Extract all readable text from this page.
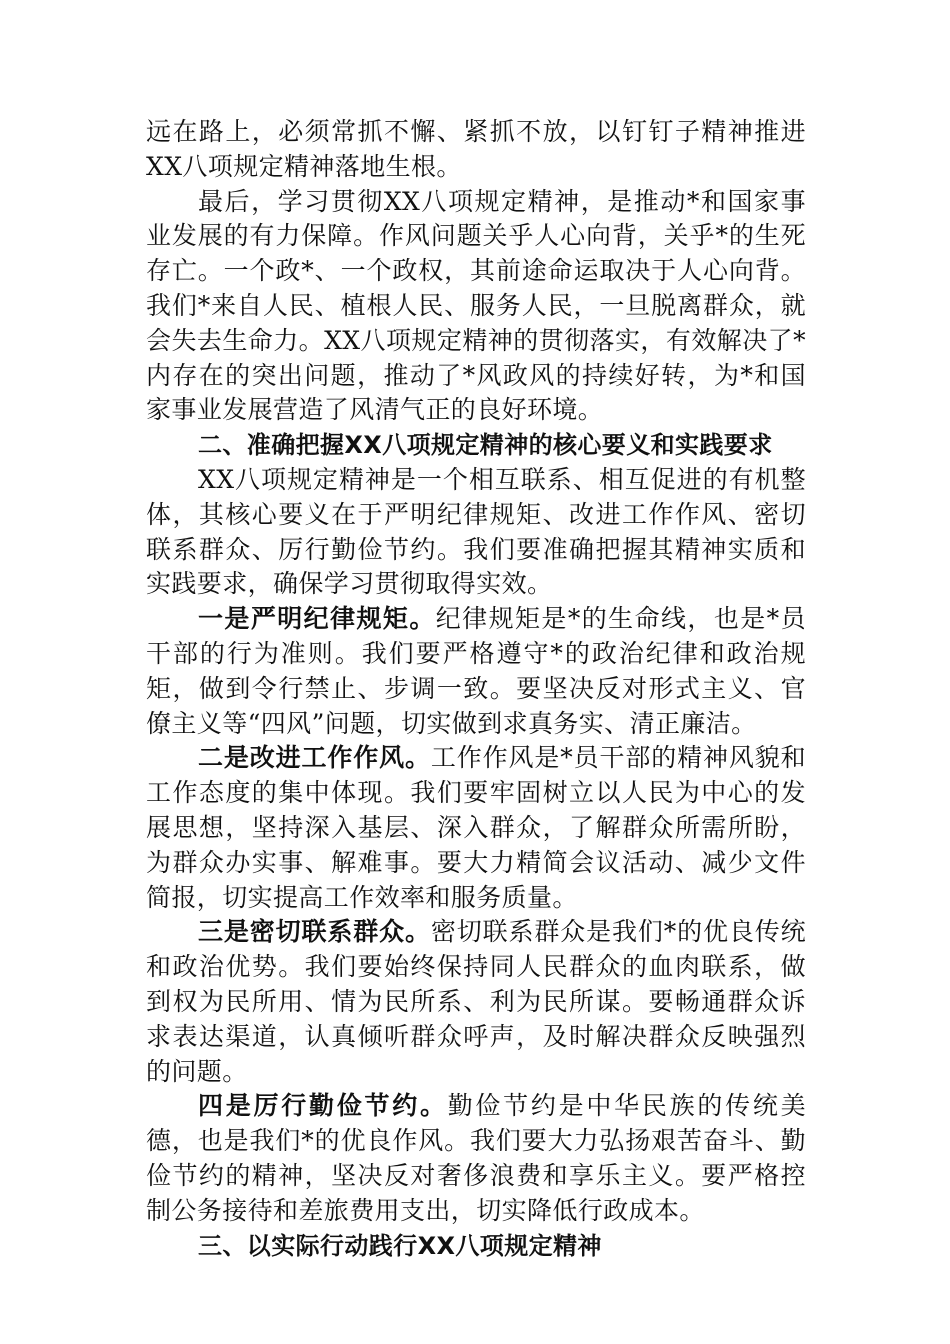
远在路上，必须常抓不懈、紧抓不放，以钉钉子精神推进XX八项规定精神落地生根。

最后，学习贯彻XX八项规定精神，是推动*和国家事业发展的有力保障。作风问题关乎人心向背，关乎*的生死存亡。一个政*、一个政权，其前途命运取决于人心向背。我们*来自人民、植根人民、服务人民，一旦脱离群众，就会失去生命力。XX八项规定精神的贯彻落实，有效解决了*内存在的突出问题，推动了*风政风的持续好转，为*和国家事业发展营造了风清气正的良好环境。

二、准确把握XX八项规定精神的核心要义和实践要求

XX八项规定精神是一个相互联系、相互促进的有机整体，其核心要义在于严明纪律规矩、改进工作作风、密切联系群众、厉行勤俭节约。我们要准确把握其精神实质和实践要求，确保学习贯彻取得实效。

一是严明纪律规矩。纪律规矩是*的生命线，也是*员干部的行为准则。我们要严格遵守*的政治纪律和政治规矩，做到令行禁止、步调一致。要坚决反对形式主义、官僚主义等“四风”问题，切实做到求真务实、清正廉洁。

二是改进工作作风。工作作风是*员干部的精神风貌和工作态度的集中体现。我们要牢固树立以人民为中心的发展思想，坚持深入基层、深入群众，了解群众所需所盼，为群众办实事、解难事。要大力精简会议活动、减少文件简报，切实提高工作效率和服务质量。

三是密切联系群众。密切联系群众是我们*的优良传统和政治优势。我们要始终保持同人民群众的血肉联系，做到权为民所用、情为民所系、利为民所谋。要畅通群众诉求表达渠道，认真倾听群众呼声，及时解决群众反映强烈的问题。

四是厉行勤俭节约。勤俭节约是中华民族的传统美德，也是我们*的优良作风。我们要大力弘扬艰苦奋斗、勤俭节约的精神，坚决反对奢侈浪费和享乐主义。要严格控制公务接待和差旅费用支出，切实降低行政成本。

三、以实际行动践行XX八项规定精神
